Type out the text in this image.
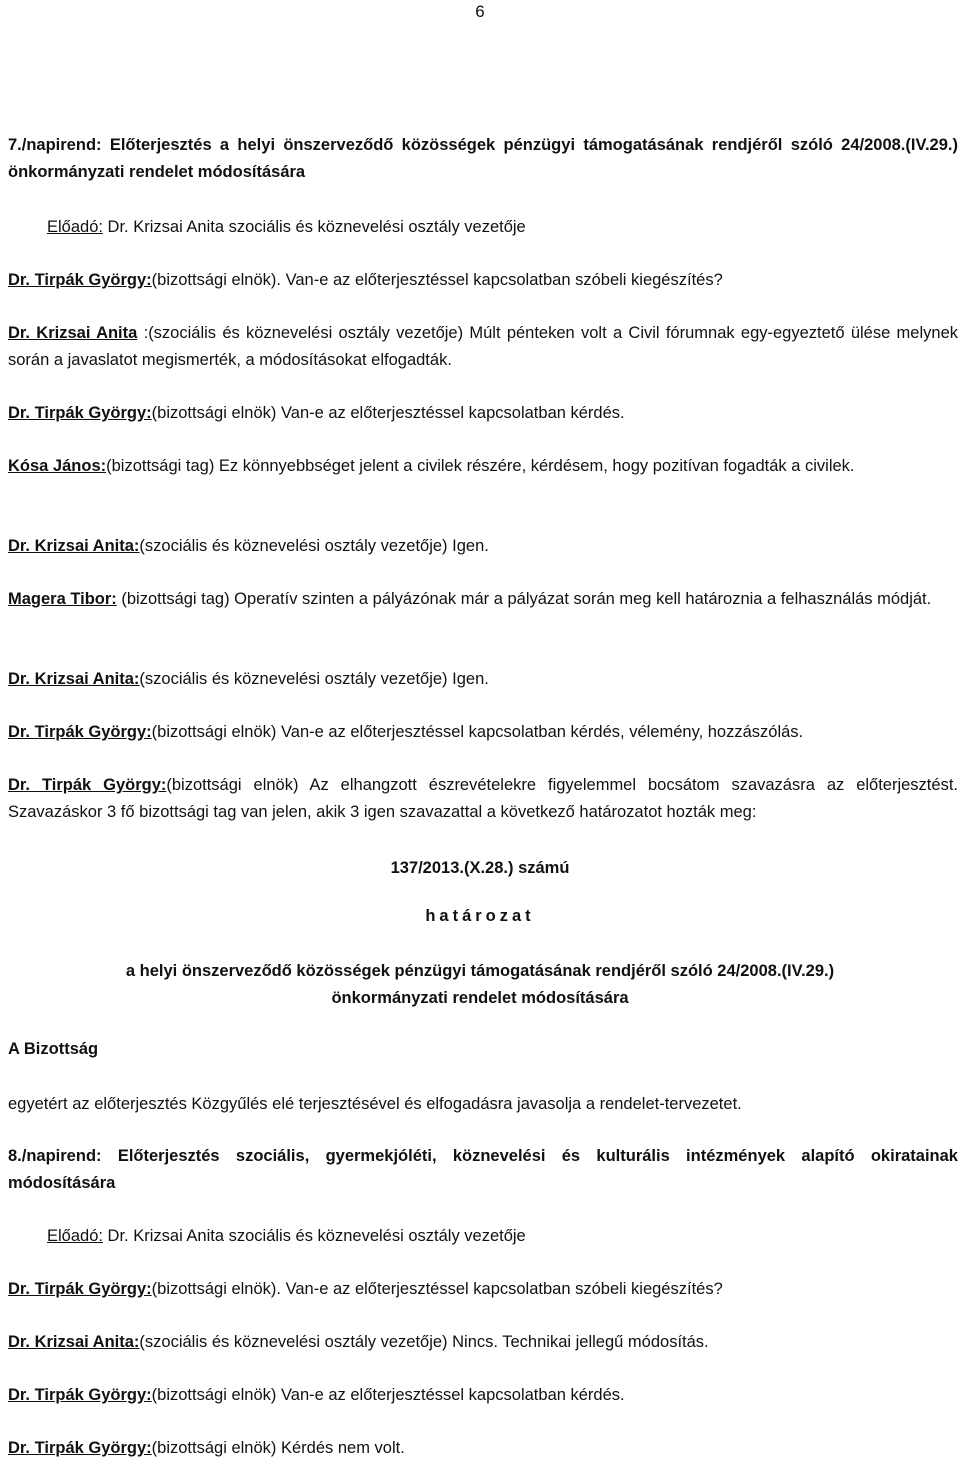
6
7./napirend: Előterjesztés a helyi önszerveződő közösségek pénzügyi támogatásának rendjéről szóló 24/2008.(IV.29.) önkormányzati rendelet módosítására
Előadó: Dr. Krizsai Anita szociális és köznevelési osztály vezetője
Dr. Tirpák György:(bizottsági elnök). Van-e az előterjesztéssel kapcsolatban szóbeli kiegészítés?
Dr. Krizsai Anita :(szociális és köznevelési osztály vezetője) Múlt pénteken volt a Civil fórumnak egy-egyeztető ülése melynek során a javaslatot megismerték, a módosításokat elfogadták.
Dr. Tirpák György:(bizottsági elnök) Van-e az előterjesztéssel kapcsolatban kérdés.
Kósa János:(bizottsági tag) Ez könnyebbséget jelent a civilek részére, kérdésem, hogy pozitívan fogadták a civilek.
Dr. Krizsai Anita:(szociális és köznevelési osztály vezetője) Igen.
Magera Tibor: (bizottsági tag) Operatív szinten a pályázónak már a pályázat során meg kell határoznia a felhasználás módját.
Dr. Krizsai Anita:(szociális és köznevelési osztály vezetője) Igen.
Dr. Tirpák György:(bizottsági elnök) Van-e az előterjesztéssel kapcsolatban kérdés, vélemény, hozzászólás.
Dr. Tirpák György:(bizottsági elnök) Az elhangzott észrevételekre figyelemmel bocsátom szavazásra az előterjesztést. Szavazáskor 3 fő bizottsági tag van jelen, akik 3 igen szavazattal a következő határozatot hozták meg:
137/2013.(X.28.) számú
határozat
a helyi önszerveződő közösségek pénzügyi támogatásának rendjéről szóló 24/2008.(IV.29.)
önkormányzati rendelet módosítására
A Bizottság
egyetért az előterjesztés Közgyűlés elé terjesztésével és elfogadásra javasolja a rendelet-tervezetet.
8./napirend: Előterjesztés szociális, gyermekjóléti, köznevelési és kulturális intézmények alapító okiratainak módosítására
Előadó: Dr. Krizsai Anita szociális és köznevelési osztály vezetője
Dr. Tirpák György:(bizottsági elnök). Van-e az előterjesztéssel kapcsolatban szóbeli kiegészítés?
Dr. Krizsai Anita:(szociális és köznevelési osztály vezetője) Nincs. Technikai jellegű módosítás.
Dr. Tirpák György:(bizottsági elnök) Van-e az előterjesztéssel kapcsolatban kérdés.
Dr. Tirpák György:(bizottsági elnök) Kérdés nem volt.
